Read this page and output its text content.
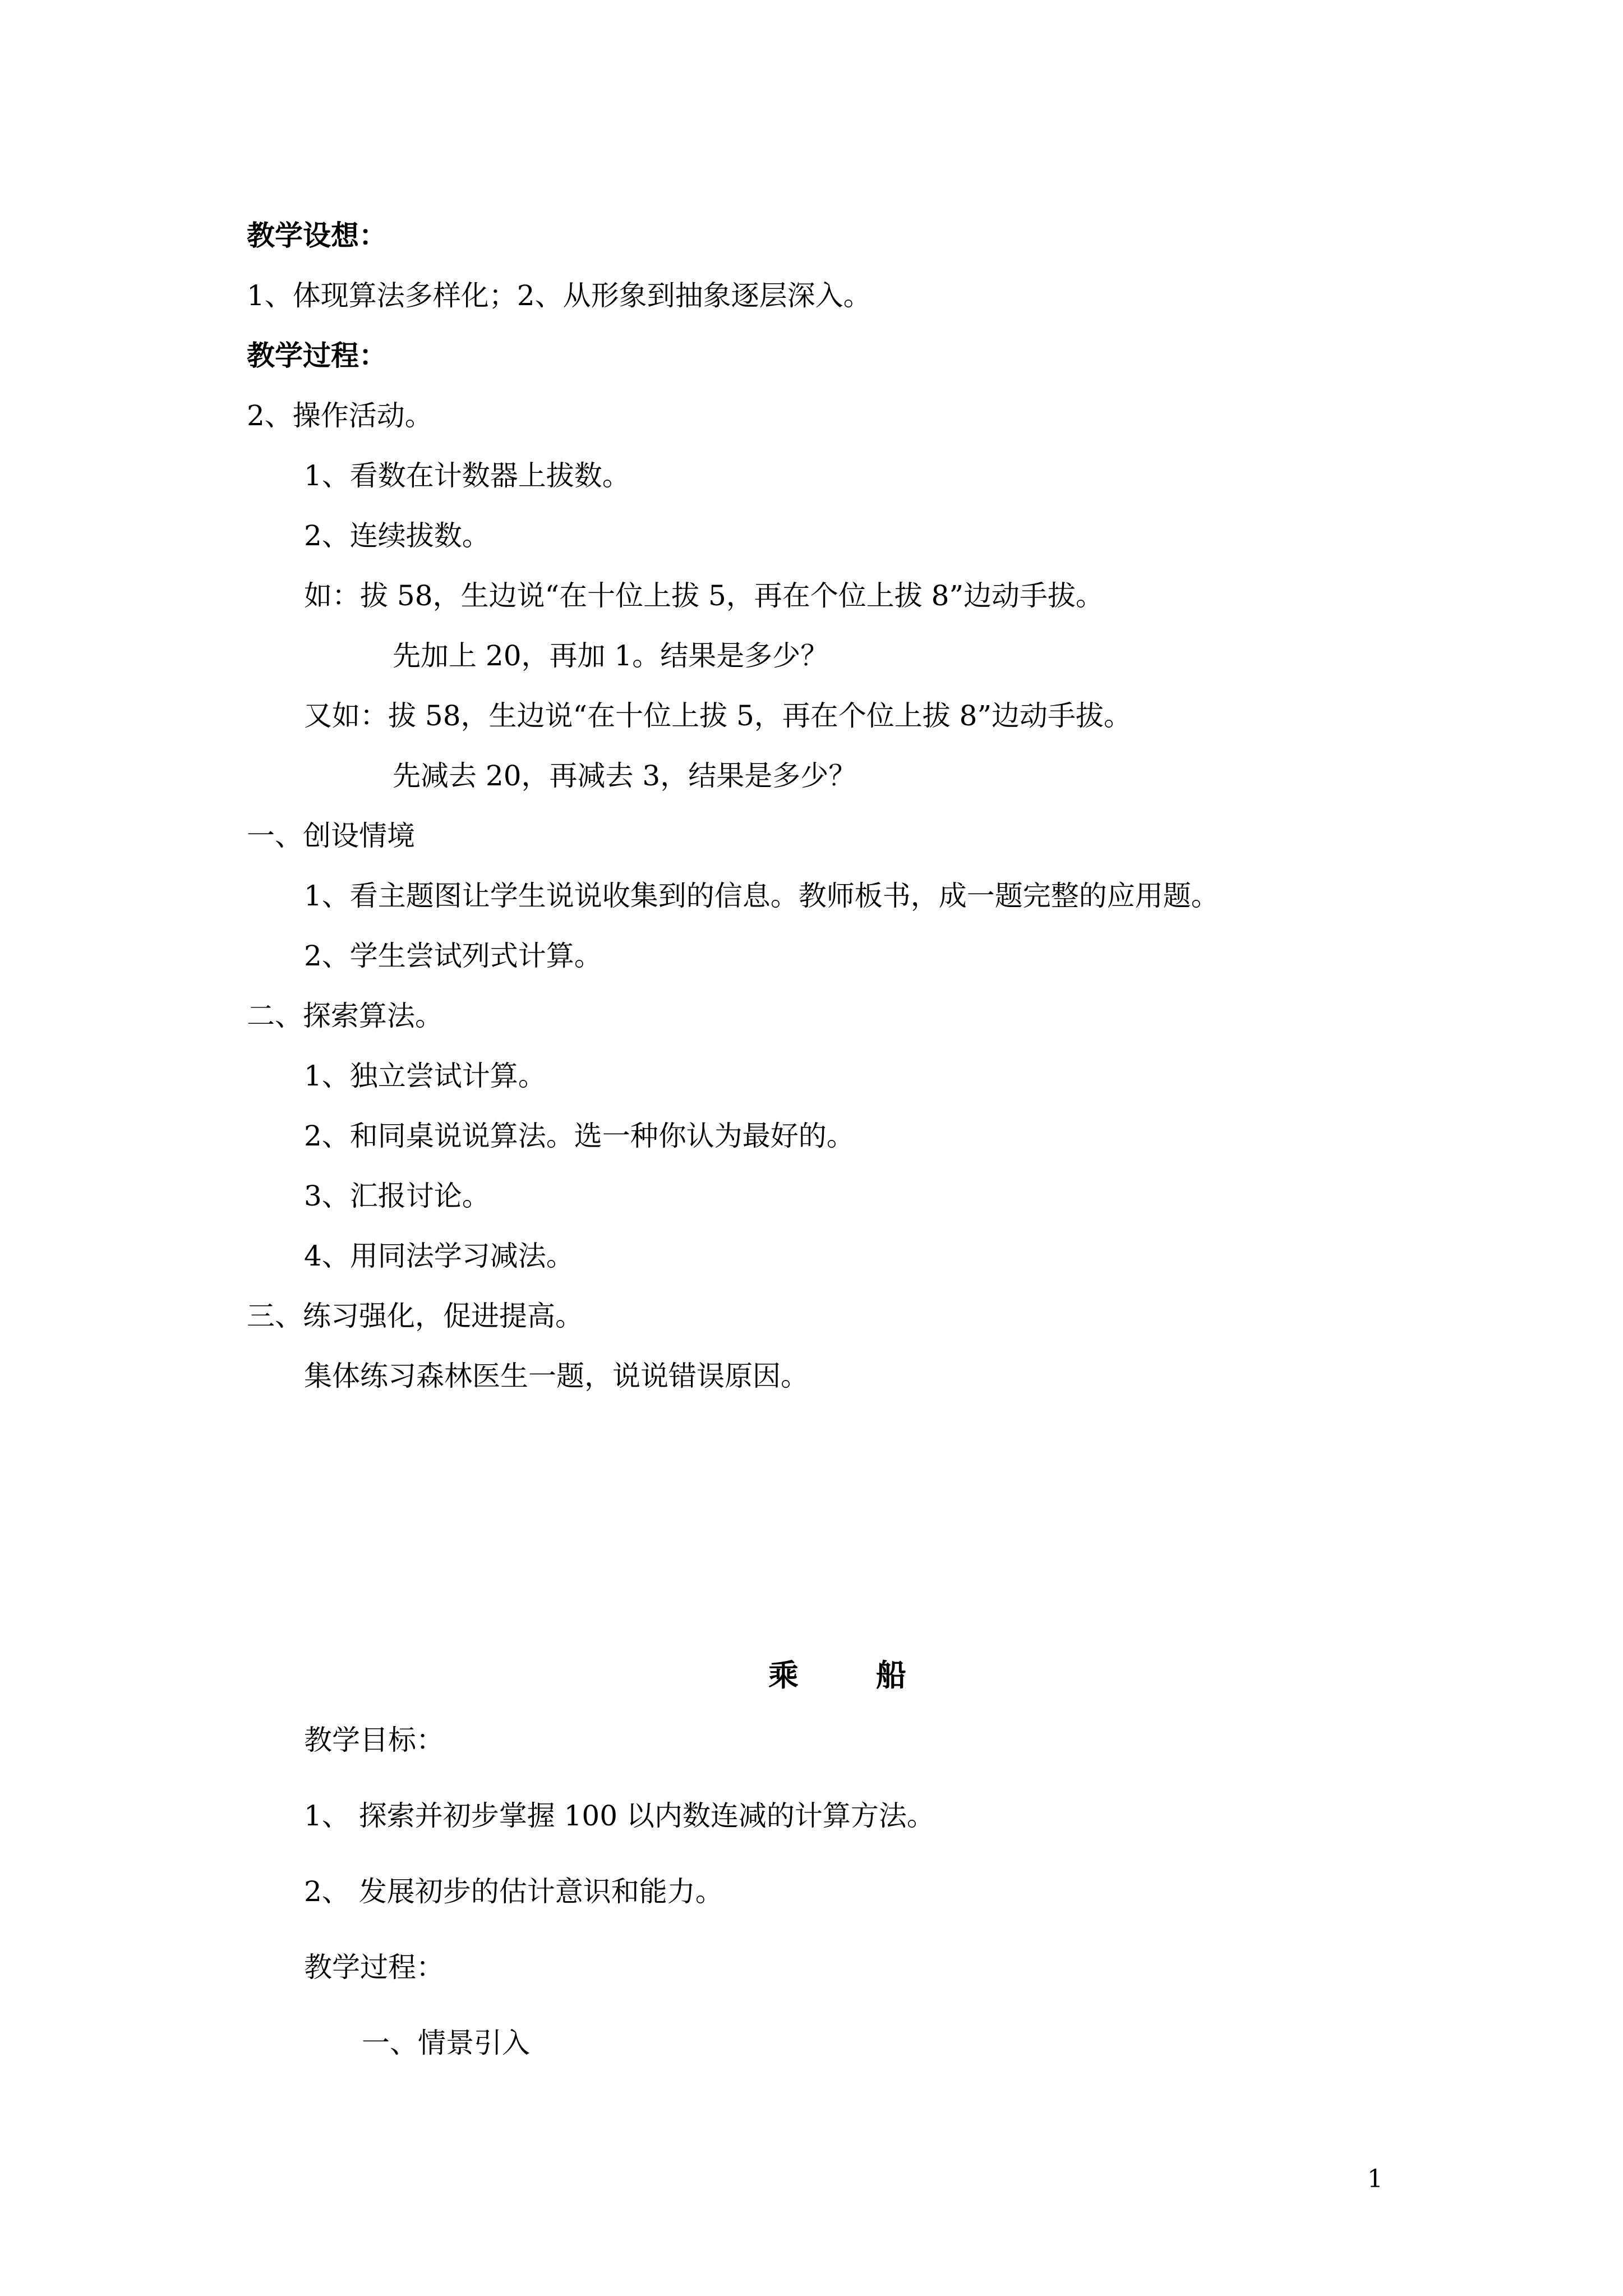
教学设想：
1、体现算法多样化；2、从形象到抽象逐层深入。
教学过程：
2、操作活动。
1、看数在计数器上拔数。
2、连续拔数。
如：拔 58，生边说“在十位上拔 5，再在个位上拔 8”边动手拔。
先加上 20，再加 1。结果是多少？
又如：拔 58，生边说“在十位上拔 5，再在个位上拔 8”边动手拔。
先减去 20，再减去 3，结果是多少？
一、创设情境
1、看主题图让学生说说收集到的信息。教师板书，成一题完整的应用题。
2、学生尝试列式计算。
二、探索算法。
1、独立尝试计算。
2、和同桌说说算法。选一种你认为最好的。
3、汇报讨论。
4、用同法学习减法。
三、练习强化，促进提高。
集体练习森林医生一题，说说错误原因。
乘	船
教学目标：
1、 探索并初步掌握 100 以内数连减的计算方法。
2、 发展初步的估计意识和能力。
教学过程：
一、情景引入
1
